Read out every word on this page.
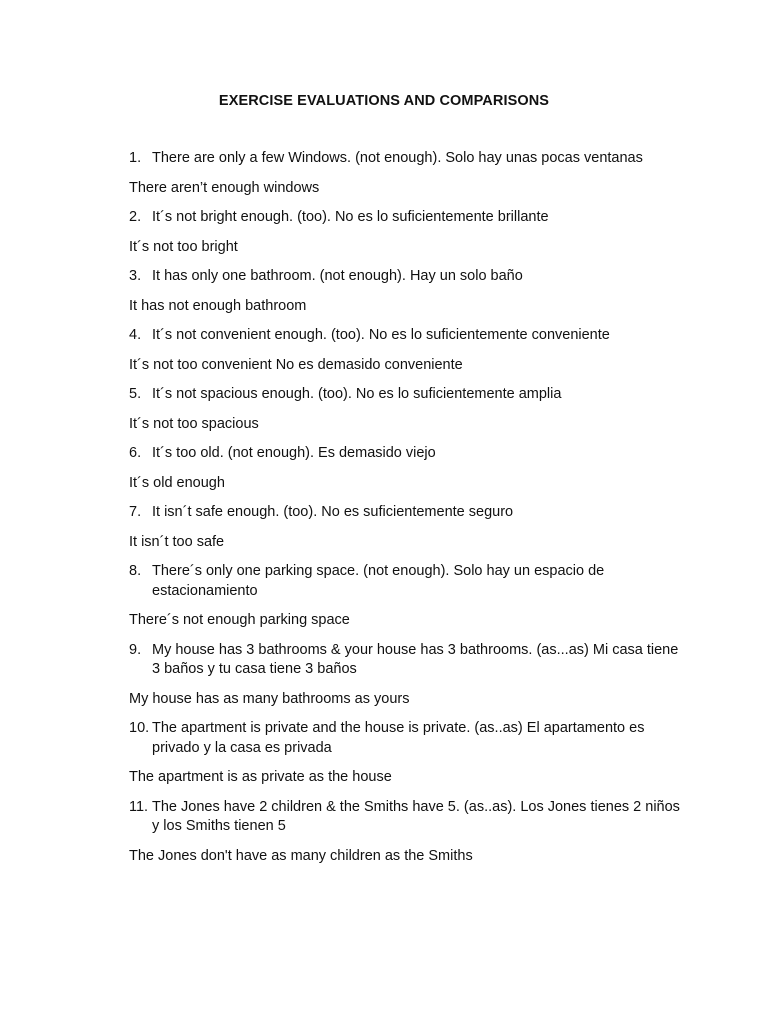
EXERCISE EVALUATIONS AND COMPARISONS
1. There are only a few Windows. (not enough). Solo hay unas pocas ventanas
There aren’t enough windows
2. It´s not bright enough. (too). No es lo suficientemente brillante
It´s not too bright
3. It has only one bathroom. (not enough). Hay un solo baño
It has not enough bathroom
4. It´s not convenient enough. (too). No es lo suficientemente conveniente
It´s not too convenient No es demasido conveniente
5. It´s not spacious enough. (too). No es lo suficientemente amplia
It´s not too spacious
6. It´s too old. (not enough). Es demasido viejo
It´s old enough
7. It isn´t safe enough. (too). No es suficientemente seguro
It isn´t too safe
8. There´s only one parking space. (not enough). Solo hay un espacio de estacionamiento
There´s not enough parking space
9. My house has 3 bathrooms & your house has 3 bathrooms. (as...as) Mi casa tiene 3 baños y tu casa tiene 3 baños
My house has as many bathrooms as yours
10. The apartment is private and the house is private. (as..as) El apartamento es privado y la casa es privada
The apartment is as private as the house
11. The Jones have 2 children & the Smiths have 5. (as..as). Los Jones tienes 2 niños y los Smiths tienen 5
The Jones don't have as many children as the Smiths
